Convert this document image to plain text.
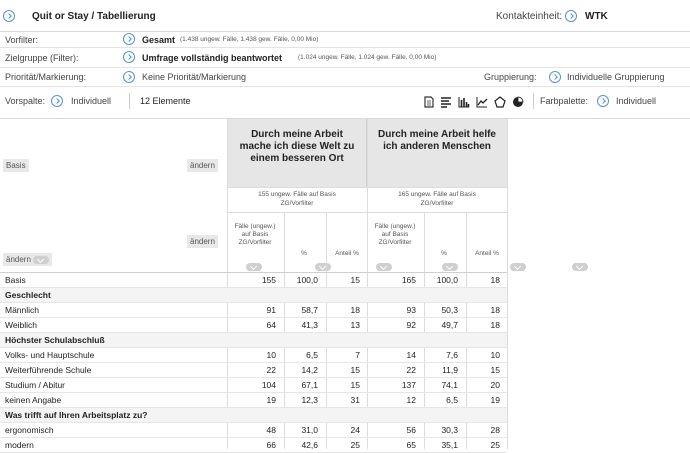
Quit or Stay / Tabellierung	Kontakteinheit: WTK
Vorfilter:	Gesamt (1.438 ungew. Fälle, 1.438 gew. Fälle, 0,00 Mio)
Zielgruppe (Filter):	Umfrage vollständig beantwortet (1.024 ungew. Fälle, 1.024 gew. Fälle, 0,00 Mio)
Priorität/Markierung:	Keine Priorität/Markierung	Gruppierung:	Individuelle Gruppierung
Vorspalte:	Individuell	12 Elemente	Farbpalette:	Individuell
Durch meine Arbeit mache ich diese Welt zu einem besseren Ort
Durch meine Arbeit helfe ich anderen Menschen
155 ungew. Fälle auf Basis ZG/Vorfilter
165 ungew. Fälle auf Basis ZG/Vorfilter
Basis	ändern
ändern
ändern
Fälle (ungew.) auf Basis ZG/Vorfilter
%	Anteil %
Fälle (ungew.) auf Basis ZG/Vorfilter
%	Anteil %

Basis	155	100,0	15	165	100,0	18
Geschlecht
Männlich	91	58,7	18	93	50,3	18
Weiblich	64	41,3	13	92	49,7	18
Höchster Schulabschluß
Volks- und Hauptschule	10	6,5	7	14	7,6	10
Weiterführende Schule	22	14,2	15	22	11,9	15
Studium / Abitur	104	67,1	15	137	74,1	20
keinen Angabe	19	12,3	31	12	6,5	19
Was trifft auf Ihren Arbeitsplatz zu?
ergonomisch	48	31,0	24	56	30,3	28
modern	66	42,6	25	65	35,1	25
